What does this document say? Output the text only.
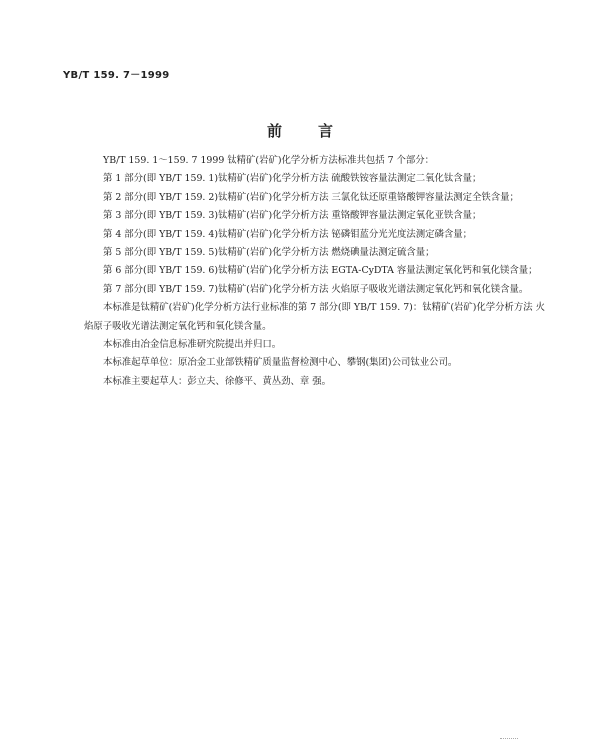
YB/T 159. 7－1999
前言

YB/T 159. 1～159. 7 1999 钛精矿(岩矿)化学分析方法标准共包括 7 个部分：

第 1 部分(即 YB/T 159. 1)钛精矿(岩矿)化学分析方法 硫酸铁铵容量法测定二氧化钛含量；

第 2 部分(即 YB/T 159. 2)钛精矿(岩矿)化学分析方法 三氯化钛还原重铬酸钾容量法测定全铁含量；

第 3 部分(即 YB/T 159. 3)钛精矿(岩矿)化学分析方法 重铬酸钾容量法测定氧化亚铁含量；

第 4 部分(即 YB/T 159. 4)钛精矿(岩矿)化学分析方法 铋磷钼蓝分光光度法测定磷含量；

第 5 部分(即 YB/T 159. 5)钛精矿(岩矿)化学分析方法 燃烧碘量法测定硫含量；

第 6 部分(即 YB/T 159. 6)钛精矿(岩矿)化学分析方法 EGTA-CyDTA 容量法测定氧化钙和氧化镁含量；

第 7 部分(即 YB/T 159. 7)钛精矿(岩矿)化学分析方法 火焰原子吸收光谱法测定氧化钙和氧化镁含量。

本标准是钛精矿(岩矿)化学分析方法行业标准的第 7 部分(即 YB/T 159. 7)：钛精矿(岩矿)化学分析方法 火焰原子吸收光谱法测定氧化钙和氧化镁含量。

本标准由冶金信息标准研究院提出并归口。

本标准起草单位：原冶金工业部铁精矿质量监督检测中心、攀钢(集团)公司钛业公司。

本标准主要起草人：彭立夫、徐修平、黄丛劲、章 强。
